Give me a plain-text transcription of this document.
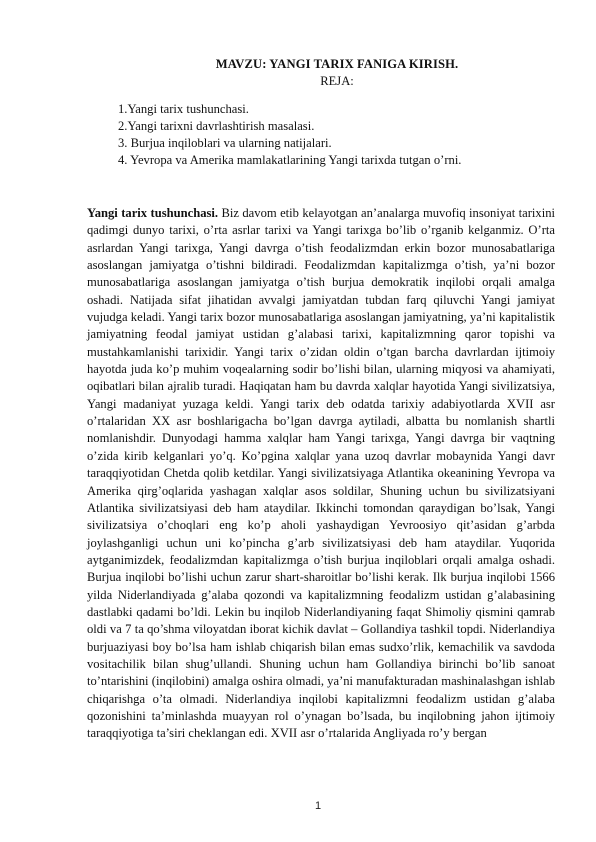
MAVZU: YANGI TARIX FANIGA KIRISH.
REJA:
1.Yangi tarix tushunchasi.
2.Yangi tarixni davrlashtirish masalasi.
3. Burjua inqiloblari va ularning natijalari.
4. Yevropa va Amerika mamlakatlarining Yangi tarixda tutgan o’rni.

Yangi tarix tushunchasi. Biz davom etib kelayotgan an’analarga muvofiq insoniyat tarixini qadimgi dunyo tarixi, o’rta asrlar tarixi va Yangi tarixga bo’lib o’rganib kelganmiz. O’rta asrlardan Yangi tarixga, Yangi davrga o’tish feodalizmdan erkin bozor munosabatlariga asoslangan jamiyatga o’tishni bildiradi. Feodalizmdan kapitalizmga o’tish, ya’ni bozor munosabatlariga asoslangan jamiyatga o’tish burjua demokratik inqilobi orqali amalga oshadi. Natijada sifat jihatidan avvalgi jamiyatdan tubdan farq qiluvchi Yangi jamiyat vujudga keladi. Yangi tarix bozor munosabatlariga asoslangan jamiyatning, ya’ni kapitalistik jamiyatning feodal jamiyat ustidan g’alabasi tarixi, kapitalizmning qaror topishi va mustahkamlanishi tarixidir. Yangi tarix o’zidan oldin o’tgan barcha davrlardan ijtimoiy hayotda juda ko’p muhim voqealarning sodir bo’lishi bilan, ularning miqyosi va ahamiyati, oqibatlari bilan ajralib turadi. Haqiqatan ham bu davrda xalqlar hayotida Yangi sivilizatsiya, Yangi madaniyat yuzaga keldi. Yangi tarix deb odatda tarixiy adabiyotlarda XVII asr o’rtalaridan XX asr boshlarigacha bo’lgan davrga aytiladi, albatta bu nomlanish shartli nomlanishdir. Dunyodagi hamma xalqlar ham Yangi tarixga, Yangi davrga bir vaqtning o’zida kirib kelganlari yo’q. Ko’pgina xalqlar yana uzoq davrlar mobaynida Yangi davr taraqqiyotidan Chetda qolib ketdilar. Yangi sivilizatsiyaga Atlantika okeanining Yevropa va Amerika qirg’oqlarida yashagan xalqlar asos soldilar, Shuning uchun bu sivilizatsiyani Atlantika sivilizatsiyasi deb ham ataydilar. Ikkinchi tomondan qaraydigan bo’lsak, Yangi sivilizatsiya o’choqlari eng ko’p aholi yashaydigan Yevroosiyo qit’asidan g’arbda joylashganligi uchun uni ko’pincha g’arb sivilizatsiyasi deb ham ataydilar. Yuqorida aytganimizdek, feodalizmdan kapitalizmga o’tish burjua inqiloblari orqali amalga oshadi. Burjua inqilobi bo’lishi uchun zarur shart-sharoitlar bo’lishi kerak. Ilk burjua inqilobi 1566 yilda Niderlandiyada g’alaba qozondi va kapitalizmning feodalizm ustidan g’alabasining dastlabki qadami bo’ldi. Lekin bu inqilob Niderlandiyaning faqat Shimoliy qismini qamrab oldi va 7 ta qo’shma viloyatdan iborat kichik davlat – Gollandiya tashkil topdi. Niderlandiya burjuaziyasi boy bo’lsa ham ishlab chiqarish bilan emas sudxo’rlik, kemachilik va savdoda vositachilik bilan shug’ullandi. Shuning uchun ham Gollandiya birinchi bo’lib sanoat to’ntarishini (inqilobini) amalga oshira olmadi, ya’ni manufakturadan mashinalashgan ishlab chiqarishga o’ta olmadi. Niderlandiya inqilobi kapitalizmni feodalizm ustidan g’alaba qozonishini ta’minlashda muayyan rol o’ynagan bo’lsada, bu inqilobning jahon ijtimoiy taraqqiyotiga ta’siri cheklangan edi. XVII asr o’rtalarida Angliyada ro’y bergan

1
